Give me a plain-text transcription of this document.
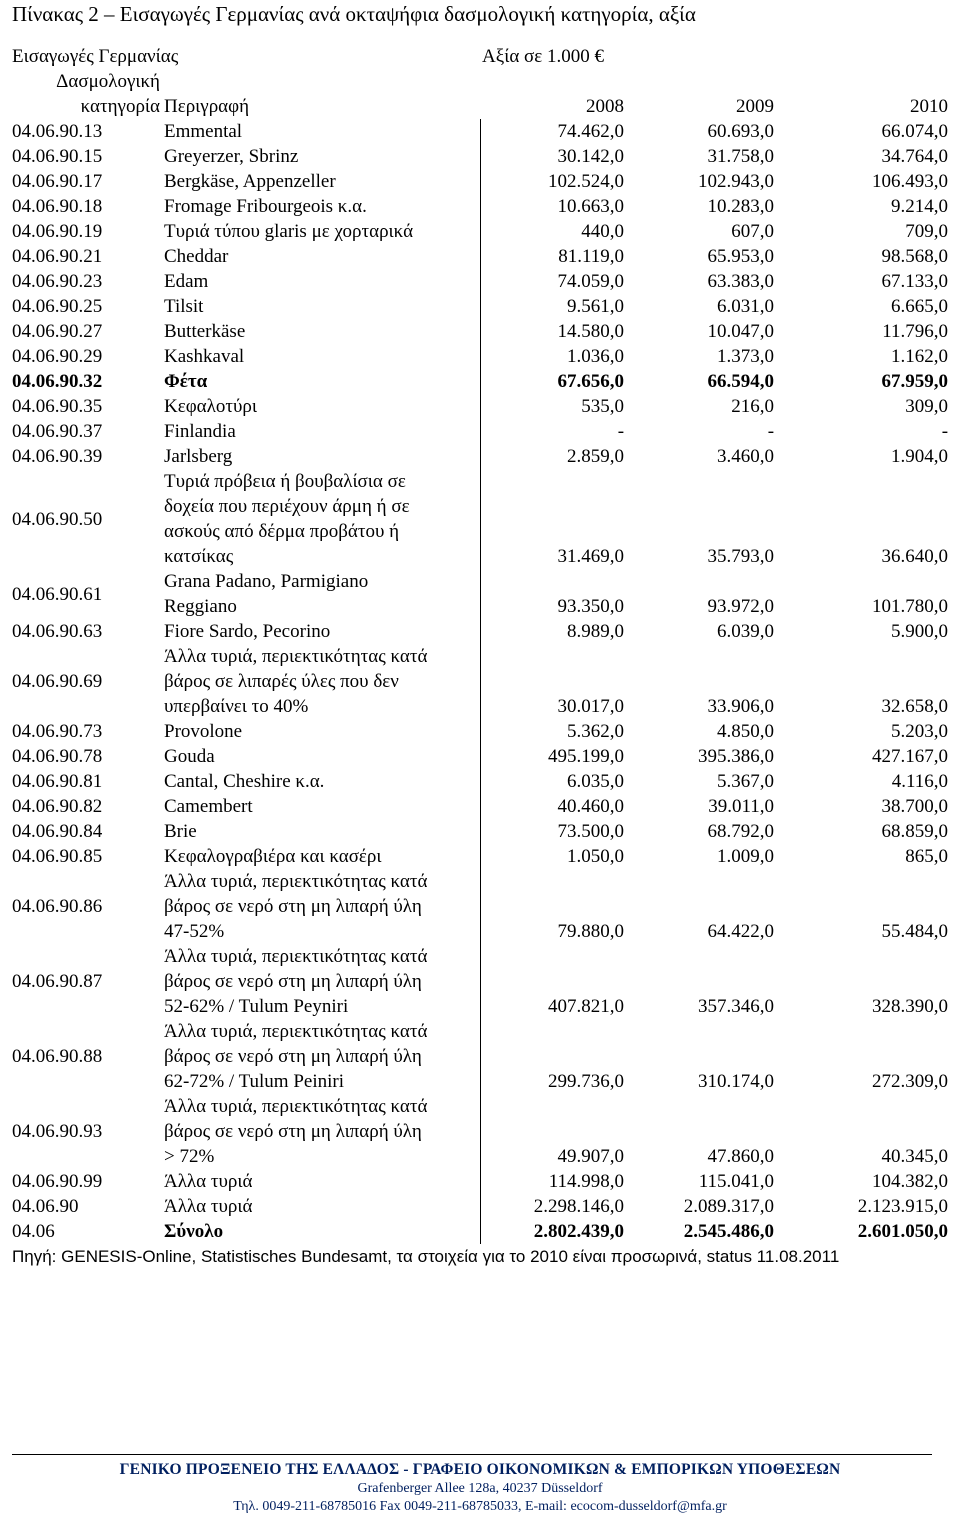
Πίνακας 2 – Εισαγωγές Γερμανίας ανά οκταψήφια δασμολογική κατηγορία, αξία
Εισαγωγές Γερμανίας		Αξία σε 1.000 €		

Δασμολογική
κατηγορία	Περιγραφή	2008	2009	2010
04.06.90.13	Emmental	74.462,0	60.693,0	66.074,0
04.06.90.15	Greyerzer, Sbrinz	30.142,0	31.758,0	34.764,0
04.06.90.17	Bergkäse, Appenzeller	102.524,0	102.943,0	106.493,0
04.06.90.18	Fromage Fribourgeois κ.α.	10.663,0	10.283,0	9.214,0
04.06.90.19	Τυριά τύπου glaris με χορταρικά	440,0	607,0	709,0
04.06.90.21	Cheddar	81.119,0	65.953,0	98.568,0
04.06.90.23	Edam	74.059,0	63.383,0	67.133,0
04.06.90.25	Tilsit	9.561,0	6.031,0	6.665,0
04.06.90.27	Butterkäse	14.580,0	10.047,0	11.796,0
04.06.90.29	Kashkaval	1.036,0	1.373,0	1.162,0
04.06.90.32	Φέτα	67.656,0	66.594,0	67.959,0
04.06.90.35	Κεφαλοτύρι	535,0	216,0	309,0
04.06.90.37	Finlandia	-	-	-
04.06.90.39	Jarlsberg	2.859,0	3.460,0	1.904,0
04.06.90.50	Τυριά πρόβεια ή βουβαλίσια σε
δοχεία που περιέχουν άρμη ή σε
ασκούς από δέρμα προβάτου ή
κατσίκας	31.469,0	35.793,0	36.640,0
04.06.90.61	Grana Padano, Parmigiano
Reggiano	93.350,0	93.972,0	101.780,0
04.06.90.63	Fiore Sardo, Pecorino	8.989,0	6.039,0	5.900,0
04.06.90.69	Άλλα τυριά, περιεκτικότητας κατά
βάρος σε λιπαρές ύλες που δεν
υπερβαίνει το 40%	30.017,0	33.906,0	32.658,0
04.06.90.73	Provolone	5.362,0	4.850,0	5.203,0
04.06.90.78	Gouda	495.199,0	395.386,0	427.167,0
04.06.90.81	Cantal, Cheshire κ.α.	6.035,0	5.367,0	4.116,0
04.06.90.82	Camembert	40.460,0	39.011,0	38.700,0
04.06.90.84	Brie	73.500,0	68.792,0	68.859,0
04.06.90.85	Κεφαλογραβιέρα και κασέρι	1.050,0	1.009,0	865,0
04.06.90.86	Άλλα τυριά, περιεκτικότητας κατά
βάρος σε νερό στη μη λιπαρή ύλη
47-52%	79.880,0	64.422,0	55.484,0
04.06.90.87	Άλλα τυριά, περιεκτικότητας κατά
βάρος σε νερό στη μη λιπαρή ύλη
52-62% / Tulum Peyniri	407.821,0	357.346,0	328.390,0
04.06.90.88	Άλλα τυριά, περιεκτικότητας κατά
βάρος σε νερό στη μη λιπαρή ύλη
62-72% / Tulum Peiniri	299.736,0	310.174,0	272.309,0
04.06.90.93	Άλλα τυριά, περιεκτικότητας κατά
βάρος σε νερό στη μη λιπαρή ύλη
> 72%	49.907,0	47.860,0	40.345,0
04.06.90.99	Άλλα τυριά	114.998,0	115.041,0	104.382,0
04.06.90	Άλλα τυριά	2.298.146,0	2.089.317,0	2.123.915,0
04.06	Σύνολο	2.802.439,0	2.545.486,0	2.601.050,0
Πηγή: GENESIS-Online, Statistisches Bundesamt, τα στοιχεία για το 2010 είναι προσωρινά, status 11.08.2011
ΓΕΝΙΚΟ ΠΡΟΞΕΝΕΙΟ ΤΗΣ ΕΛΛΑΔΟΣ - ΓΡΑΦΕΙΟ ΟΙΚΟΝΟΜΙΚΩΝ & ΕΜΠΟΡΙΚΩΝ ΥΠΟΘΕΣΕΩΝ
Grafenberger Allee 128a, 40237 Düsseldorf
Τηλ. 0049-211-68785016 Fax 0049-211-68785033, E-mail: ecocom-dusseldorf@mfa.gr
